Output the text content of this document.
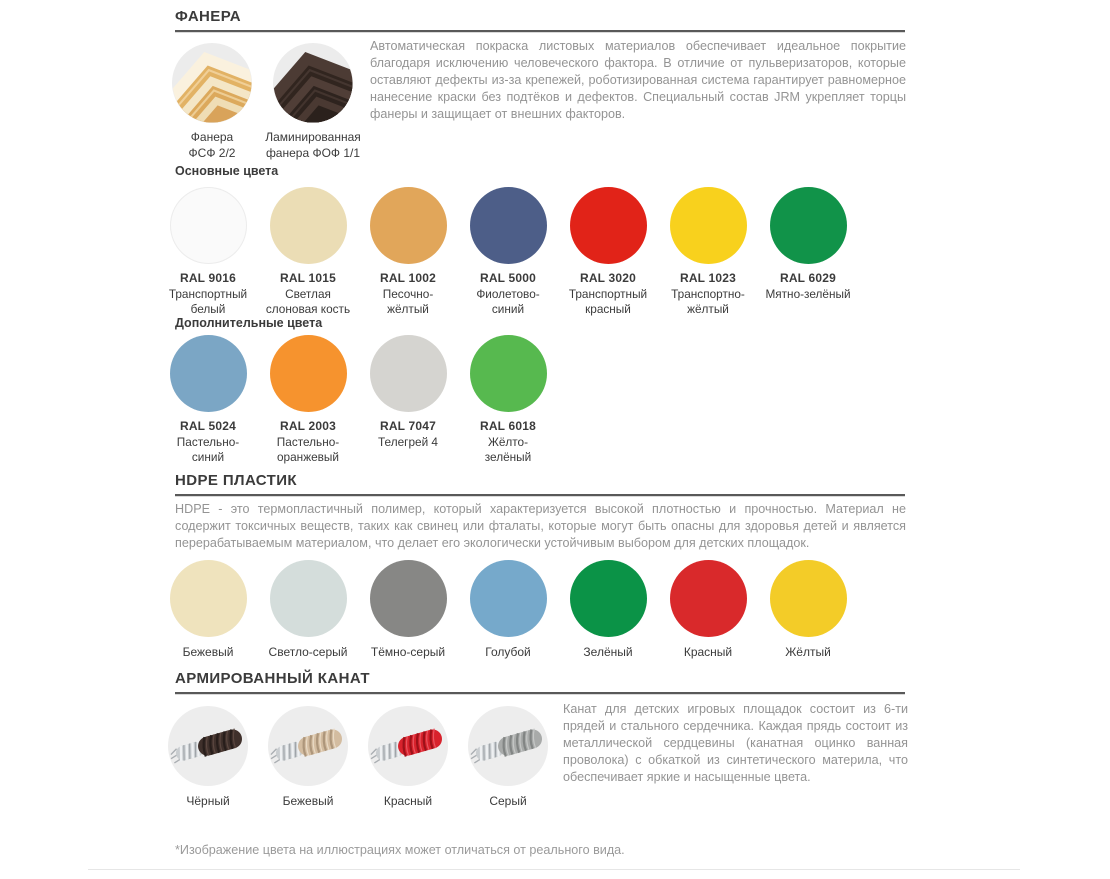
ФАНЕРА
Фанера
ФСФ 2/2
Ламинированная
фанера ФОФ 1/1
Автоматическая покраска листовых материалов обеспечивает идеальное покрытие благодаря исключению человеческого фактора. В отличие от пульверизаторов, которые оставляют дефекты из-за крепежей, роботизированная система гарантирует равномерное нанесение краски без подтёков и дефектов. Специальный состав JRM укрепляет торцы фанеры и защищает от внешних факторов.
Основные цвета
RAL 9016
Транспортный
белый
RAL 1015
Светлая
слоновая кость
RAL 1002
Песочно-
жёлтый
RAL 5000
Фиолетово-
синий
RAL 3020
Транспортный
красный
RAL 1023
Транспортно-
жёлтый
RAL 6029
Мятно-зелёный
Дополнительные цвета
RAL 5024
Пастельно-
синий
RAL 2003
Пастельно-
оранжевый
RAL 7047
Телегрей 4
RAL 6018
Жёлто-
зелёный
HDPE ПЛАСТИК
HDPE - это термопластичный полимер, который характеризуется высокой плотностью и прочностью. Материал не содержит токсичных веществ, таких как свинец или фталаты, которые могут быть опасны для здоровья детей и является перерабатываемым материалом, что делает его экологически устойчивым выбором для детских площадок.
Бежевый	Светло-серый	Тёмно-серый	Голубой	Зелёный	Красный	Жёлтый
АРМИРОВАННЫЙ КАНАТ
Чёрный	Бежевый	Красный	Серый
Канат для детских игровых площадок состоит из 6-ти прядей и стального сердечника. Каждая прядь состоит из металлической сердцевины (канатная оцинко ванная проволока) с обкаткой из синтетического материла, что обеспечивает яркие и насыщенные цвета.
*Изображение цвета на иллюстрациях может отличаться от реального вида.
